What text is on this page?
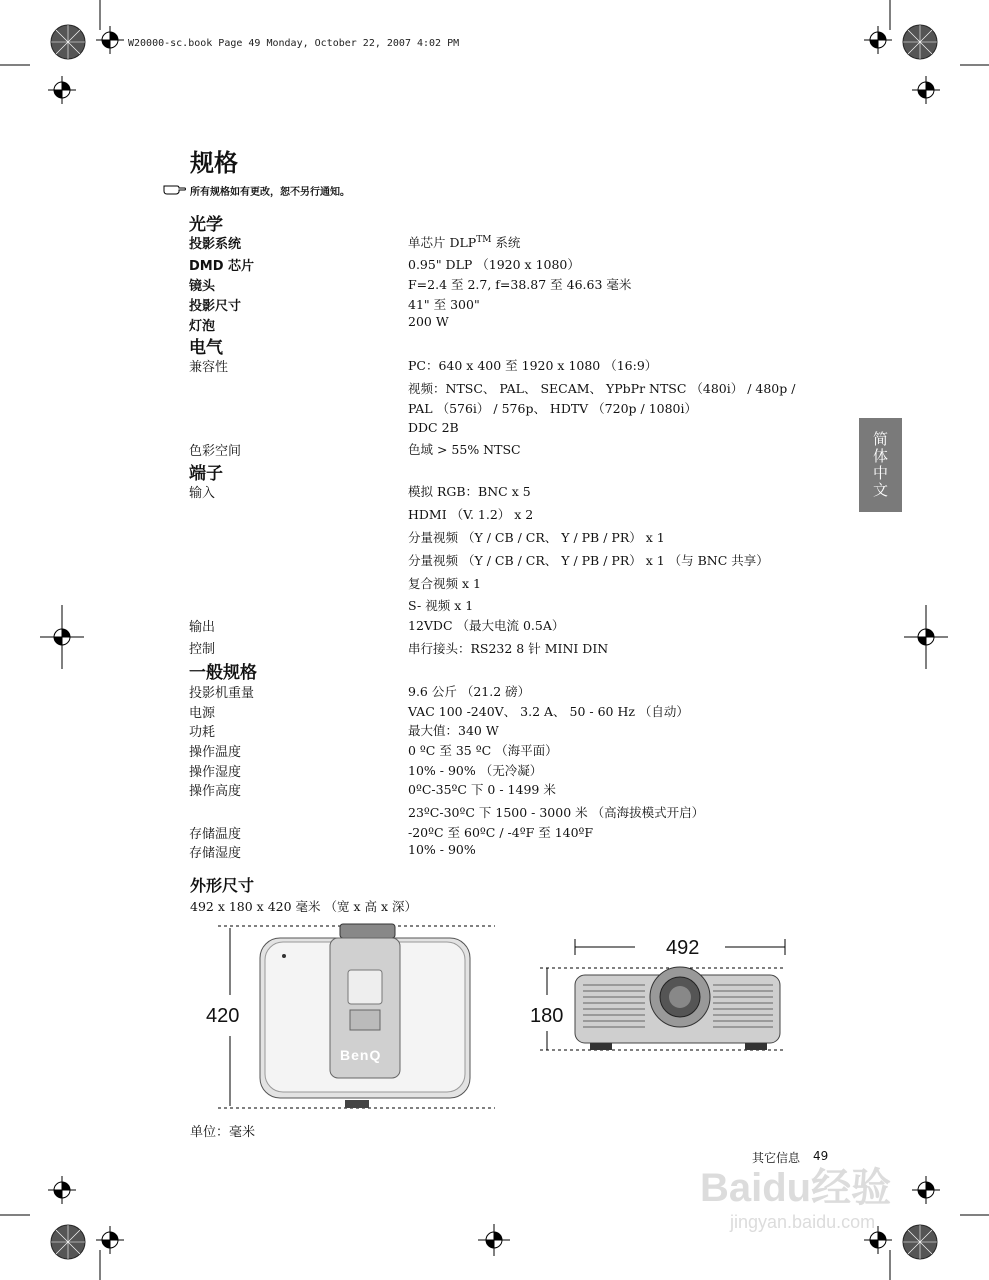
W20000-sc.book Page 49 Monday, October 22, 2007 4:02 PM
规格
所有规格如有更改，恕不另行通知。
光学
投影系统	单芯片 DLP™ 系统
DMD 芯片	0.95" DLP （1920 x 1080）
镜头	F=2.4 至 2.7, f=38.87 至 46.63 毫米
投影尺寸	41" 至 300"
灯泡	200 W
电气
兼容性	PC：640 x 400 至 1920 x 1080 （16:9）
视频：NTSC、 PAL、 SECAM、 YPbPr NTSC （480i） / 480p /
PAL （576i） / 576p、 HDTV （720p / 1080i）
DDC 2B
色彩空间	色域 > 55% NTSC
端子
输入	模拟 RGB：BNC x 5
HDMI （V. 1.2） x 2
分量视频 （Y / CB / CR、 Y / PB / PR） x 1
分量视频 （Y / CB / CR、 Y / PB / PR） x 1 （与 BNC 共享）
复合视频 x 1
S- 视频 x 1
输出	12VDC （最大电流 0.5A）
控制	串行接头：RS232 8 针 MINI DIN
一般规格
投影机重量	9.6 公斤 （21.2 磅）
电源	VAC 100 -240V、 3.2 A、 50 - 60 Hz （自动）
功耗	最大值：340 W
操作温度	0 ºC 至 35 ºC （海平面）
操作湿度	10% - 90% （无冷凝）
操作高度	0ºC-35ºC 下 0 - 1499 米
23ºC-30ºC 下 1500 - 3000 米 （高海拔模式开启）
存储温度	-20ºC 至 60ºC / -4ºF 至 140ºF
存储湿度	10% - 90%
外形尺寸
492 x 180 x 420 毫米 （宽 x 高 x 深）
420
BenQ
492
180
单位：毫米
简体中文
其它信息 49
Baidu经验
jingyan.baidu.com
